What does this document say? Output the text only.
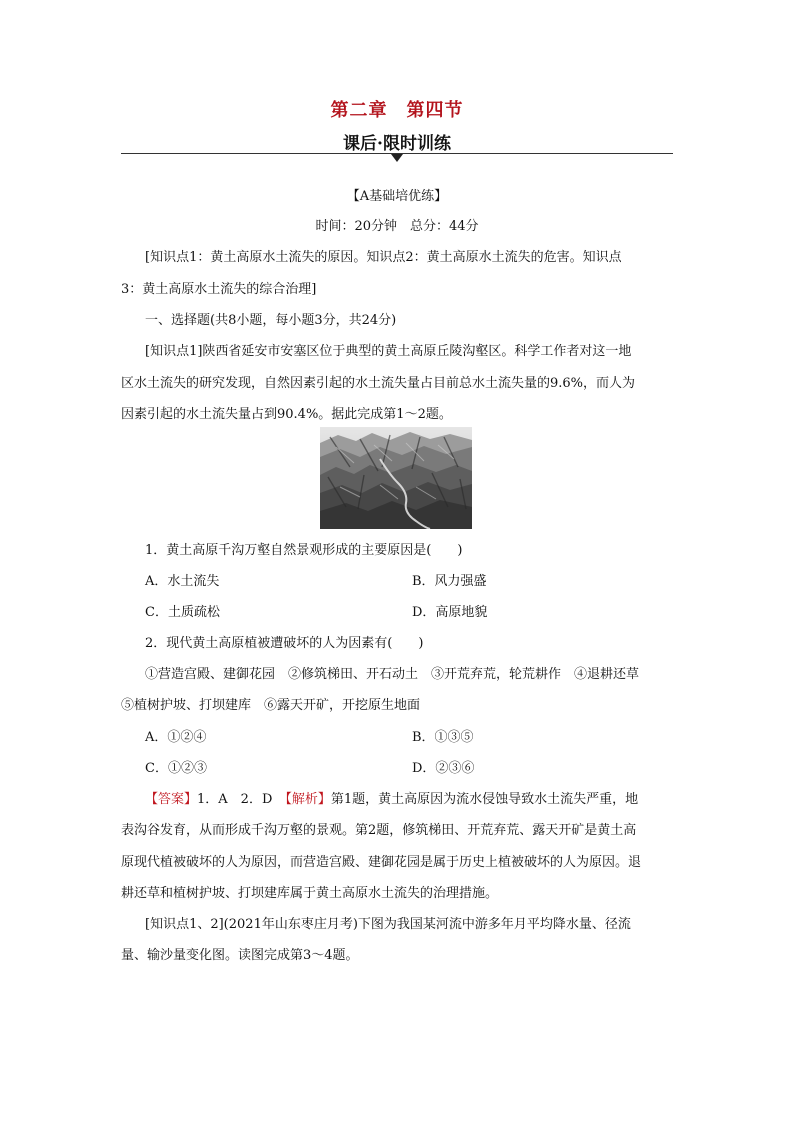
第二章　第四节
课后·限时训练
【A基础培优练】
时间：20分钟　总分：44分
[知识点1：黄土高原水土流失的原因。知识点2：黄土高原水土流失的危害。知识点
3：黄土高原水土流失的综合治理]
一、选择题(共8小题，每小题3分，共24分)
[知识点1]陕西省延安市安塞区位于典型的黄土高原丘陵沟壑区。科学工作者对这一地
区水土流失的研究发现，自然因素引起的水土流失量占目前总水土流失量的9.6%，而人为
因素引起的水土流失量占到90.4%。据此完成第1～2题。
1．黄土高原千沟万壑自然景观形成的主要原因是(　　)
A．水土流失	B．风力强盛
C．土质疏松	D．高原地貌
2．现代黄土高原植被遭破坏的人为因素有(　　)
①营造宫殿、建御花园　②修筑梯田、开石动土　③开荒弃荒，轮荒耕作　④退耕还草
⑤植树护坡、打坝建库　⑥露天开矿，开挖原生地面
A．①②④	B．①③⑤
C．①②③	D．②③⑥
【答案】1．A　2．D　【解析】第1题，黄土高原因为流水侵蚀导致水土流失严重，地
表沟谷发育，从而形成千沟万壑的景观。第2题，修筑梯田、开荒弃荒、露天开矿是黄土高
原现代植被破坏的人为原因，而营造宫殿、建御花园是属于历史上植被破坏的人为原因。退
耕还草和植树护坡、打坝建库属于黄土高原水土流失的治理措施。
[知识点1、2](2021年山东枣庄月考)下图为我国某河流中游多年月平均降水量、径流
量、输沙量变化图。读图完成第3～4题。
